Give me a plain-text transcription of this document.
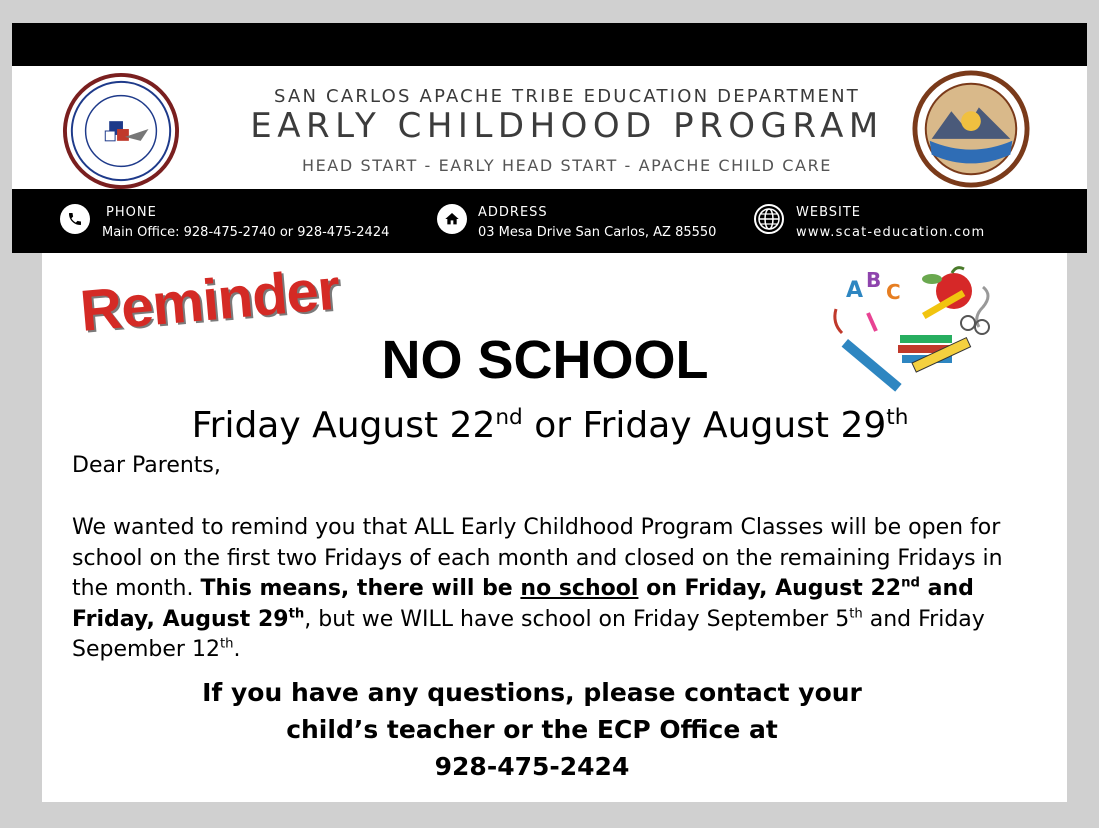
SAN CARLOS APACHE TRIBE EDUCATION DEPARTMENT
EARLY CHILDHOOD PROGRAM
HEAD START - EARLY HEAD START - APACHE CHILD CARE
PHONE
Main Office: 928-475-2740 or 928-475-2424
ADDRESS
03 Mesa Drive San Carlos, AZ 85550
WEBSITE
www.scat-education.com
Reminder	A B C
NO SCHOOL
Friday August 22nd or Friday August 29th
Dear Parents,
We wanted to remind you that ALL Early Childhood Program Classes will be open for school on the first two Fridays of each month and closed on the remaining Fridays in the month. This means, there will be no school on Friday, August 22nd and Friday, August 29th, but we WILL have school on Friday September 5th and Friday Sepember 12th.
If you have any questions, please contact your
child’s teacher or the ECP Office at
928-475-2424
